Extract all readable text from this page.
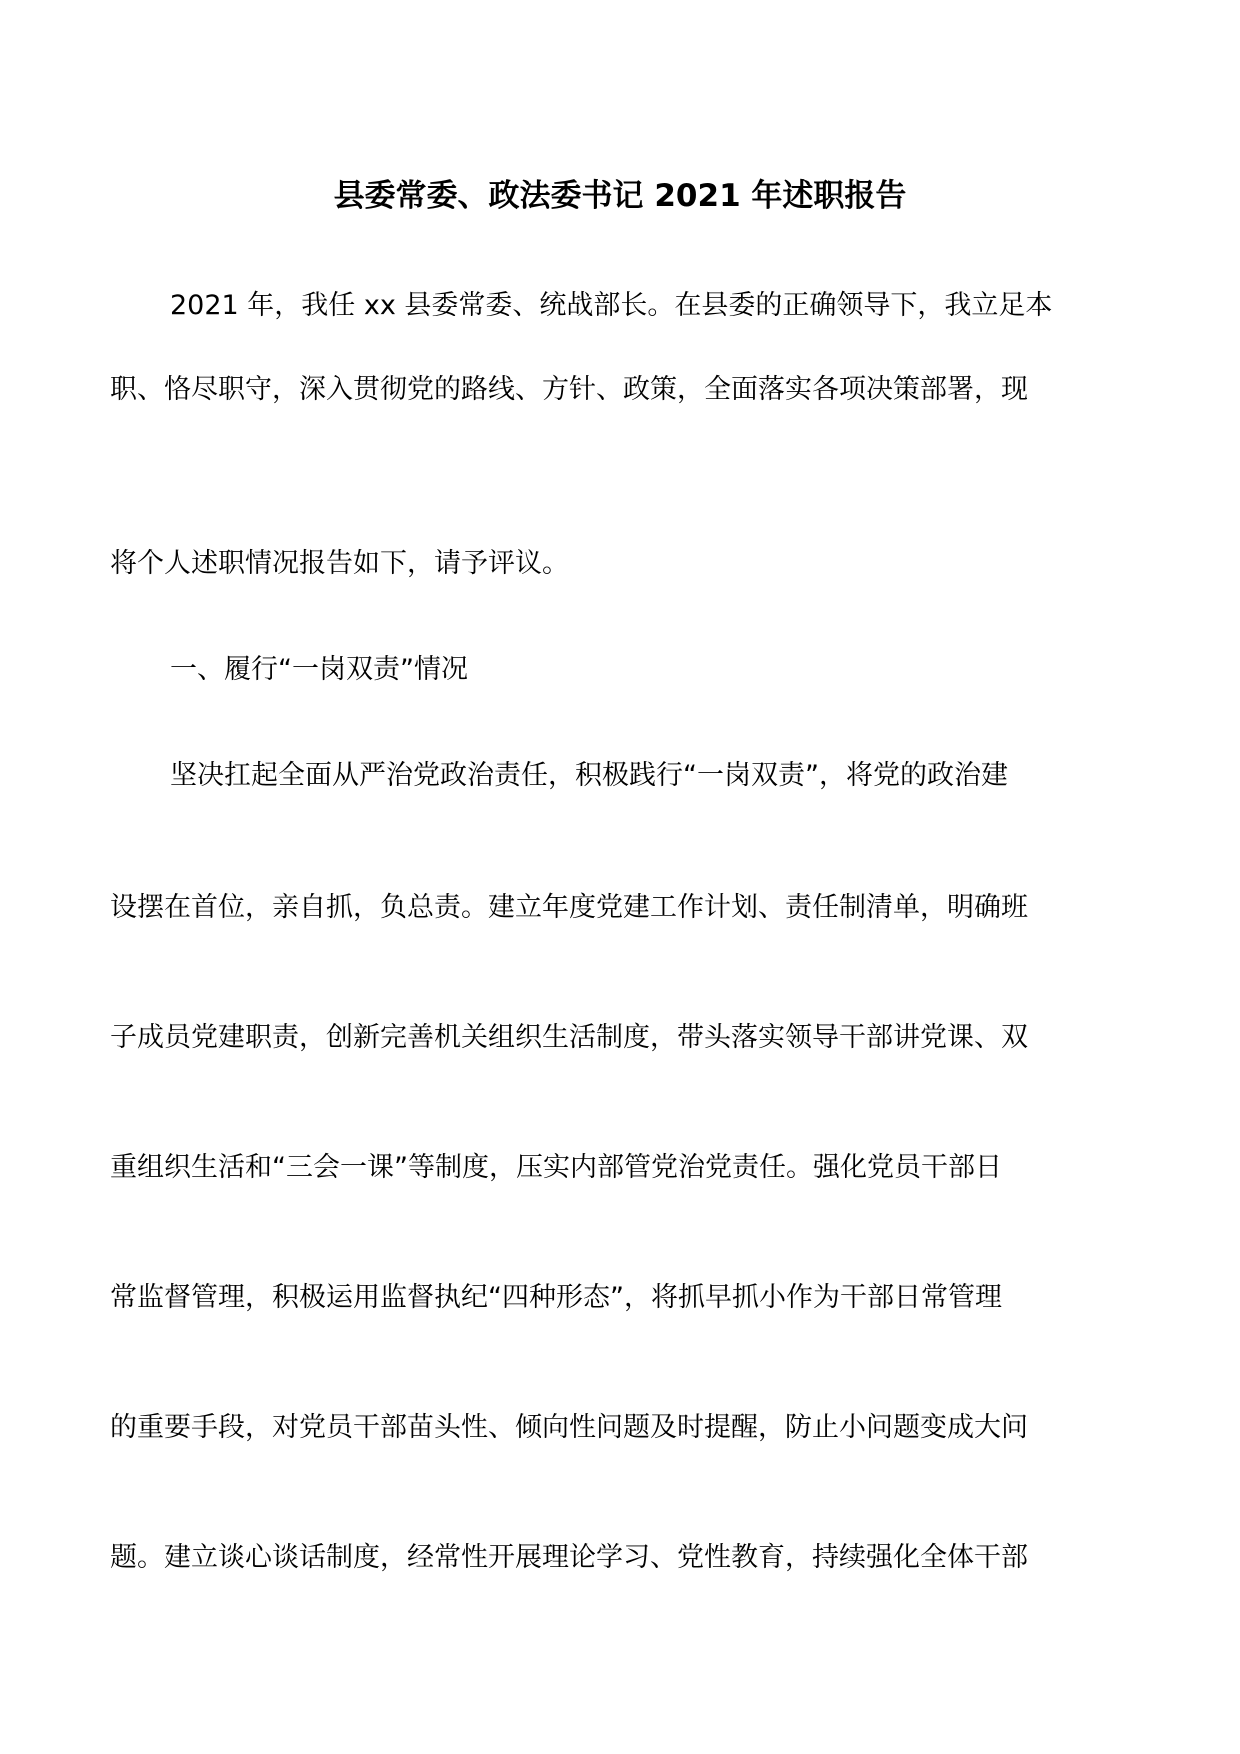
县委常委、政法委书记 2021 年述职报告
2021 年，我任 xx 县委常委、统战部长。在县委的正确领导下，我立足本
职、恪尽职守，深入贯彻党的路线、方针、政策，全面落实各项决策部署，现
将个人述职情况报告如下，请予评议。
一、履行“一岗双责”情况
坚决扛起全面从严治党政治责任，积极践行“一岗双责”，将党的政治建
设摆在首位，亲自抓，负总责。建立年度党建工作计划、责任制清单，明确班
子成员党建职责，创新完善机关组织生活制度，带头落实领导干部讲党课、双
重组织生活和“三会一课”等制度，压实内部管党治党责任。强化党员干部日
常监督管理，积极运用监督执纪“四种形态”，将抓早抓小作为干部日常管理
的重要手段，对党员干部苗头性、倾向性问题及时提醒，防止小问题变成大问
题。建立谈心谈话制度，经常性开展理论学习、党性教育，持续强化全体干部
